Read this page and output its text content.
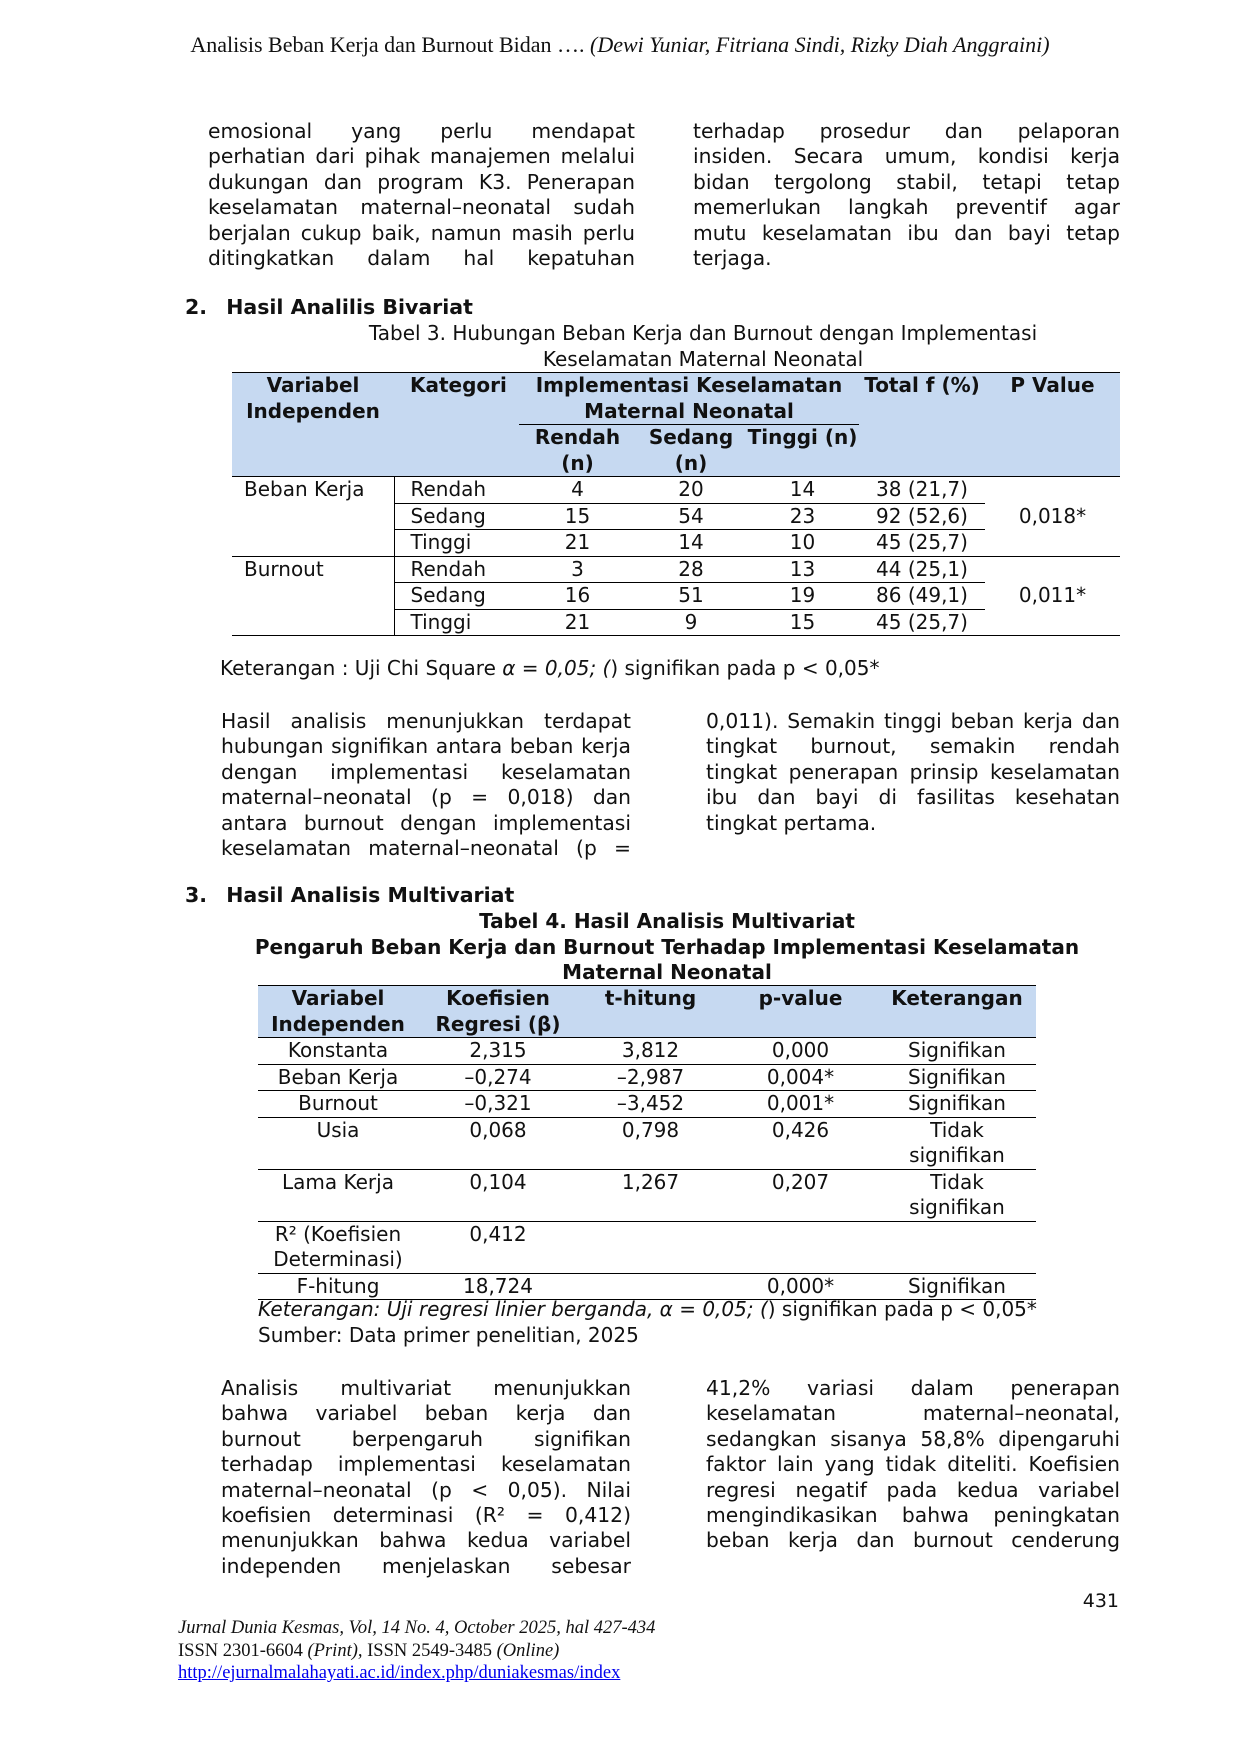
Analisis Beban Kerja dan Burnout Bidan …. (Dewi Yuniar, Fitriana Sindi, Rizky Diah Anggraini)

emosional yang perlu mendapat

perhatian dari pihak manajemen melalui

dukungan dan program K3. Penerapan

keselamatan maternal–neonatal sudah

berjalan cukup baik, namun masih perlu

ditingkatkan dalam hal kepatuhan

terhadap prosedur dan pelaporan

insiden. Secara umum, kondisi kerja

bidan tergolong stabil, tetapi tetap

memerlukan langkah preventif agar

mutu keselamatan ibu dan bayi tetap

terjaga.

2. Hasil Analilis Bivariat
Tabel 3. Hubungan Beban Kerja dan Burnout dengan Implementasi
Keselamatan Maternal Neonatal
Variabel Independen	Kategori	Implementasi Keselamatan Maternal Neonatal			Total f (%)	P Value
		Rendah (n)	Sedang (n)	Tinggi (n)		
Beban Kerja	Rendah	4	20	14	38 (21,7)	0,018*
	Sedang	15	54	23	92 (52,6)	
	Tinggi	21	14	10	45 (25,7)	
Burnout	Rendah	3	28	13	44 (25,1)	0,011*
	Sedang	16	51	19	86 (49,1)	
	Tinggi	21	9	15	45 (25,7)	
Keterangan : Uji Chi Square α = 0,05; () signifikan pada p < 0,05*

Hasil analisis menunjukkan terdapat

hubungan signifikan antara beban kerja

dengan implementasi keselamatan

maternal–neonatal (p = 0,018) dan

antara burnout dengan implementasi

keselamatan maternal–neonatal (p =

0,011). Semakin tinggi beban kerja dan

tingkat burnout, semakin rendah

tingkat penerapan prinsip keselamatan

ibu dan bayi di fasilitas kesehatan

tingkat pertama.

3. Hasil Analisis Multivariat
Tabel 4. Hasil Analisis Multivariat
Pengaruh Beban Kerja dan Burnout Terhadap Implementasi Keselamatan
Maternal Neonatal
Variabel Independen	Koefisien Regresi (β)	t-hitung	p-value	Keterangan
Konstanta	2,315	3,812	0,000	Signifikan
Beban Kerja	–0,274	–2,987	0,004*	Signifikan
Burnout	–0,321	–3,452	0,001*	Signifikan
Usia	0,068	0,798	0,426	Tidak signifikan
Lama Kerja	0,104	1,267	0,207	Tidak signifikan
R² (Koefisien Determinasi)	0,412			
F-hitung	18,724		0,000*	Signifikan
Keterangan: Uji regresi linier berganda, α = 0,05; () signifikan pada p < 0,05*
Sumber: Data primer penelitian, 2025

Analisis multivariat menunjukkan

bahwa variabel beban kerja dan

burnout berpengaruh signifikan

terhadap implementasi keselamatan

maternal–neonatal (p < 0,05). Nilai

koefisien determinasi (R² = 0,412)

menunjukkan bahwa kedua variabel

independen menjelaskan sebesar

41,2% variasi dalam penerapan

keselamatan maternal–neonatal,

sedangkan sisanya 58,8% dipengaruhi

faktor lain yang tidak diteliti. Koefisien

regresi negatif pada kedua variabel

mengindikasikan bahwa peningkatan

beban kerja dan burnout cenderung

431
Jurnal Dunia Kesmas, Vol, 14 No. 4, October 2025, hal 427-434
ISSN 2301-6604 (Print), ISSN 2549-3485 (Online)
http://ejurnalmalahayati.ac.id/index.php/duniakesmas/index
